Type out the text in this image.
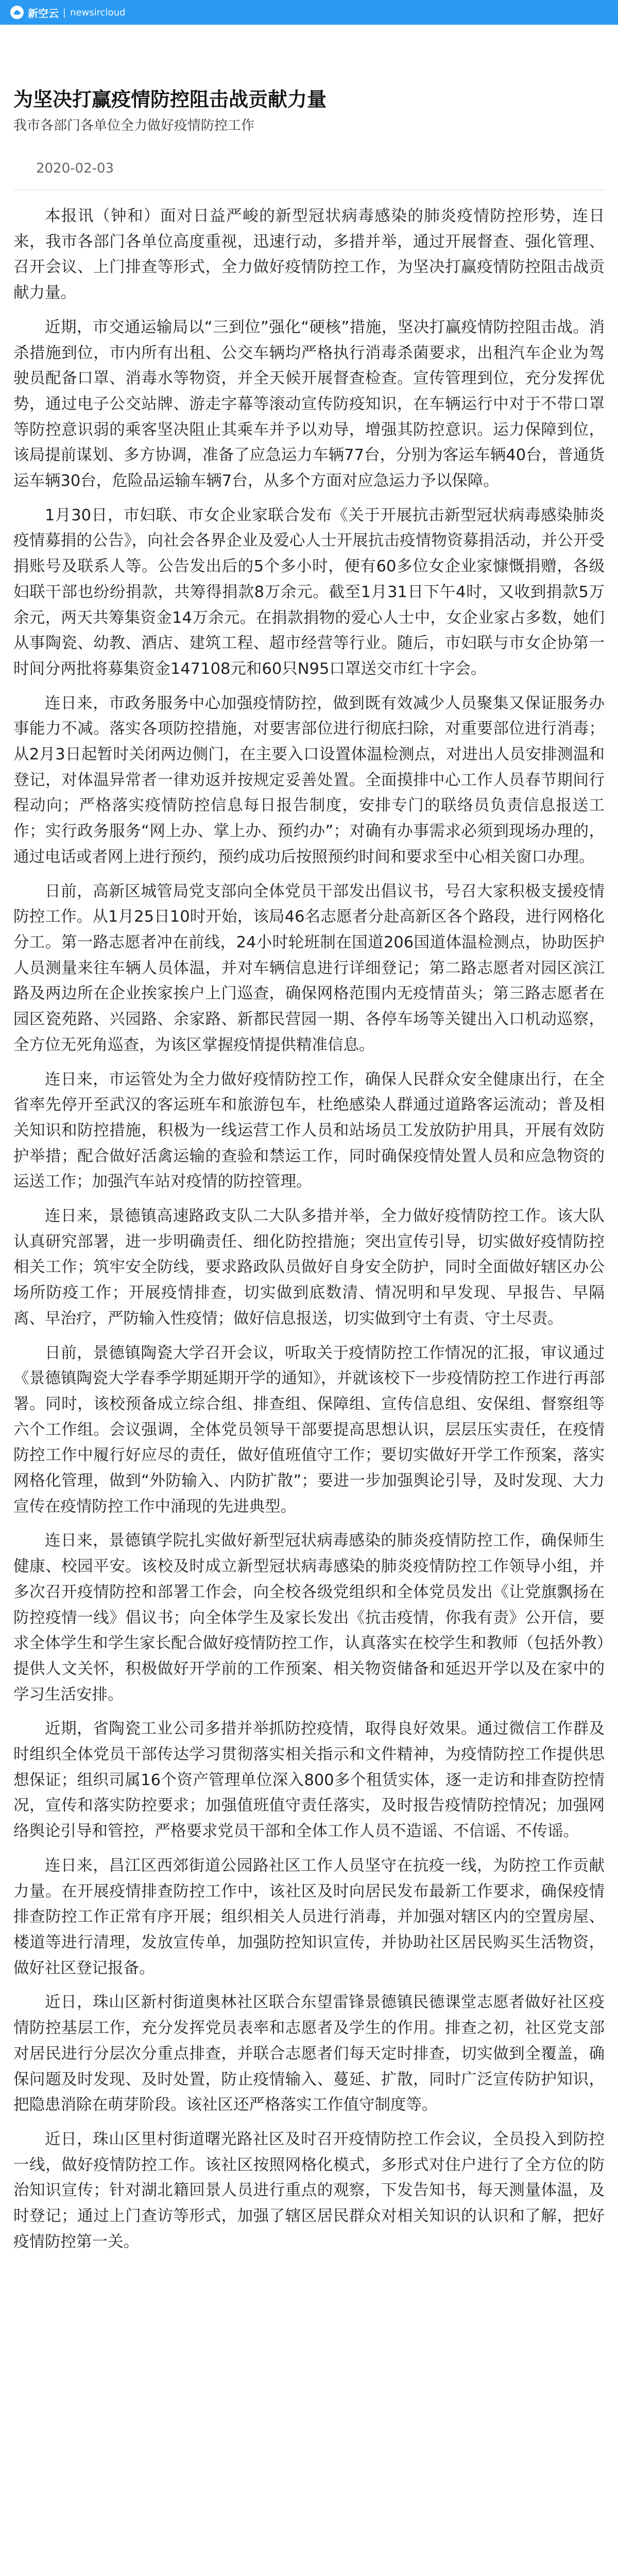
新空云 | newsircloud
为坚决打赢疫情防控阻击战贡献力量
我市各部门各单位全力做好疫情防控工作
2020-02-03

本报讯（钟和）面对日益严峻的新型冠状病毒感染的肺炎疫情防控形势，连日来，我市各部门各单位高度重视，迅速行动，多措并举，通过开展督查、强化管理、召开会议、上门排查等形式，全力做好疫情防控工作，为坚决打赢疫情防控阻击战贡献力量。

近期，市交通运输局以“三到位”强化“硬核”措施，坚决打赢疫情防控阻击战。消杀措施到位，市内所有出租、公交车辆均严格执行消毒杀菌要求，出租汽车企业为驾驶员配备口罩、消毒水等物资，并全天候开展督查检查。宣传管理到位，充分发挥优势，通过电子公交站牌、游走字幕等滚动宣传防疫知识，在车辆运行中对于不带口罩等防控意识弱的乘客坚决阻止其乘车并予以劝导，增强其防控意识。运力保障到位，该局提前谋划、多方协调，准备了应急运力车辆77台，分别为客运车辆40台，普通货运车辆30台，危险品运输车辆7台，从多个方面对应急运力予以保障。

1月30日，市妇联、市女企业家联合发布《关于开展抗击新型冠状病毒感染肺炎疫情募捐的公告》，向社会各界企业及爱心人士开展抗击疫情物资募捐活动，并公开受捐账号及联系人等。公告发出后的5个多小时，便有60多位女企业家慷慨捐赠，各级妇联干部也纷纷捐款，共筹得捐款8万余元。截至1月31日下午4时，又收到捐款5万余元，两天共筹集资金14万余元。在捐款捐物的爱心人士中，女企业家占多数，她们从事陶瓷、幼教、酒店、建筑工程、超市经营等行业。随后，市妇联与市女企协第一时间分两批将募集资金147108元和60只N95口罩送交市红十字会。

连日来，市政务服务中心加强疫情防控，做到既有效减少人员聚集又保证服务办事能力不减。落实各项防控措施，对要害部位进行彻底扫除，对重要部位进行消毒；从2月3日起暂时关闭两边侧门，在主要入口设置体温检测点，对进出人员安排测温和登记，对体温异常者一律劝返并按规定妥善处置。全面摸排中心工作人员春节期间行程动向；严格落实疫情防控信息每日报告制度，安排专门的联络员负责信息报送工作；实行政务服务“网上办、掌上办、预约办”；对确有办事需求必须到现场办理的，通过电话或者网上进行预约，预约成功后按照预约时间和要求至中心相关窗口办理。

日前，高新区城管局党支部向全体党员干部发出倡议书，号召大家积极支援疫情防控工作。从1月25日10时开始，该局46名志愿者分赴高新区各个路段，进行网格化分工。第一路志愿者冲在前线，24小时轮班制在国道206国道体温检测点，协助医护人员测量来往车辆人员体温，并对车辆信息进行详细登记；第二路志愿者对园区滨江路及两边所在企业挨家挨户上门巡查，确保网格范围内无疫情苗头；第三路志愿者在园区瓷苑路、兴园路、余家路、新都民营园一期、各停车场等关键出入口机动巡察，全方位无死角巡查，为该区掌握疫情提供精准信息。

连日来，市运管处为全力做好疫情防控工作，确保人民群众安全健康出行，在全省率先停开至武汉的客运班车和旅游包车，杜绝感染人群通过道路客运流动；普及相关知识和防控措施，积极为一线运营工作人员和站场员工发放防护用具，开展有效防护举措；配合做好活禽运输的查验和禁运工作，同时确保疫情处置人员和应急物资的运送工作；加强汽车站对疫情的防控管理。

连日来，景德镇高速路政支队二大队多措并举，全力做好疫情防控工作。该大队认真研究部署，进一步明确责任、细化防控措施；突出宣传引导，切实做好疫情防控相关工作；筑牢安全防线，要求路政队员做好自身安全防护，同时全面做好辖区办公场所防疫工作；开展疫情排查，切实做到底数清、情况明和早发现、早报告、早隔离、早治疗，严防输入性疫情；做好信息报送，切实做到守土有责、守土尽责。

日前，景德镇陶瓷大学召开会议，听取关于疫情防控工作情况的汇报，审议通过《景德镇陶瓷大学春季学期延期开学的通知》，并就该校下一步疫情防控工作进行再部署。同时，该校预备成立综合组、排查组、保障组、宣传信息组、安保组、督察组等六个工作组。会议强调，全体党员领导干部要提高思想认识，层层压实责任，在疫情防控工作中履行好应尽的责任，做好值班值守工作；要切实做好开学工作预案，落实网格化管理，做到“外防输入、内防扩散”；要进一步加强舆论引导，及时发现、大力宣传在疫情防控工作中涌现的先进典型。

连日来，景德镇学院扎实做好新型冠状病毒感染的肺炎疫情防控工作，确保师生健康、校园平安。该校及时成立新型冠状病毒感染的肺炎疫情防控工作领导小组，并多次召开疫情防控和部署工作会，向全校各级党组织和全体党员发出《让党旗飘扬在防控疫情一线》倡议书；向全体学生及家长发出《抗击疫情，你我有责》公开信，要求全体学生和学生家长配合做好疫情防控工作，认真落实在校学生和教师（包括外教）提供人文关怀，积极做好开学前的工作预案、相关物资储备和延迟开学以及在家中的学习生活安排。

近期，省陶瓷工业公司多措并举抓防控疫情，取得良好效果。通过微信工作群及时组织全体党员干部传达学习贯彻落实相关指示和文件精神，为疫情防控工作提供思想保证；组织司属16个资产管理单位深入800多个租赁实体，逐一走访和排查防控情况，宣传和落实防控要求；加强值班值守责任落实，及时报告疫情防控情况；加强网络舆论引导和管控，严格要求党员干部和全体工作人员不造谣、不信谣、不传谣。

连日来，昌江区西郊街道公园路社区工作人员坚守在抗疫一线，为防控工作贡献力量。在开展疫情排查防控工作中，该社区及时向居民发布最新工作要求，确保疫情排查防控工作正常有序开展；组织相关人员进行消毒，并加强对辖区内的空置房屋、楼道等进行清理，发放宣传单，加强防控知识宣传，并协助社区居民购买生活物资，做好社区登记报备。

近日，珠山区新村街道奥林社区联合东望雷锋景德镇民德课堂志愿者做好社区疫情防控基层工作，充分发挥党员表率和志愿者及学生的作用。排查之初，社区党支部对居民进行分层次分重点排查，并联合志愿者们每天定时排查，切实做到全覆盖，确保问题及时发现、及时处置，防止疫情输入、蔓延、扩散，同时广泛宣传防护知识，把隐患消除在萌芽阶段。该社区还严格落实工作值守制度等。

近日，珠山区里村街道曙光路社区及时召开疫情防控工作会议，全员投入到防控一线，做好疫情防控工作。该社区按照网格化模式，多形式对住户进行了全方位的防治知识宣传；针对湖北籍回景人员进行重点的观察，下发告知书，每天测量体温，及时登记；通过上门查访等形式，加强了辖区居民群众对相关知识的认识和了解，把好疫情防控第一关。
